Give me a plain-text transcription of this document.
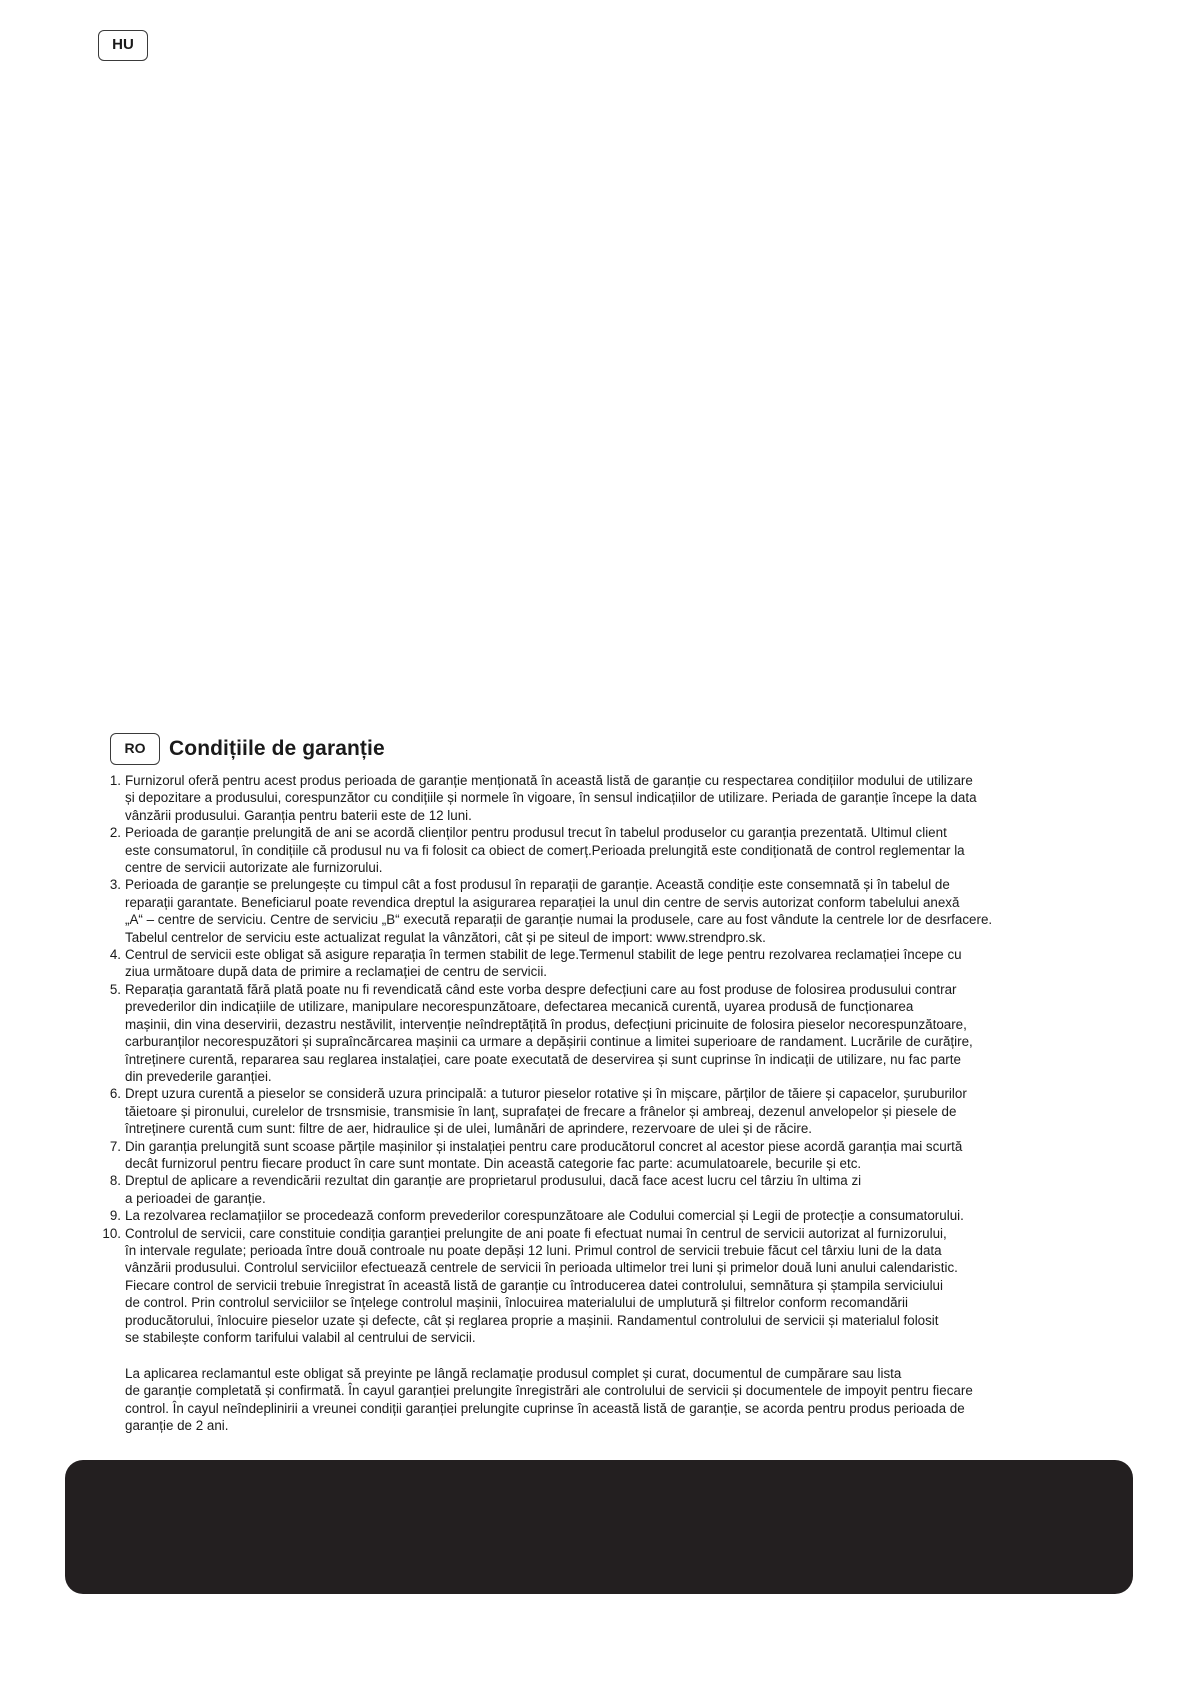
HU
RO	Condițiile de garanție
1. Furnizorul oferă pentru acest produs perioada de garanție menționată în această listă de garanție cu respectarea condițiilor modului de utilizare
și depozitare a produsului, corespunzător cu condițiile și normele în vigoare, în sensul indicațiilor de utilizare. Periada de garanție începe la data
vânzării produsului. Garanția pentru baterii este de 12 luni.
2. Perioada de garanție prelungită de ani se acordă clienților pentru produsul trecut în tabelul produselor cu garanția prezentată. Ultimul client
este consumatorul, în condițiile că produsul nu va fi folosit ca obiect de comerț.Perioada prelungită este condiționată de control reglementar la
centre de servicii autorizate ale furnizorului.
3. Perioada de garanție se prelungește cu timpul cât a fost produsul în reparații de garanție. Această condiție este consemnată și în tabelul de
reparații garantate. Beneficiarul poate revendica dreptul la asigurarea reparației la unul din centre de servis autorizat conform tabelului anexă
„A“ – centre de serviciu. Centre de serviciu „B“ execută reparații de garanție numai la produsele, care au fost vândute la centrele lor de desrfacere.
Tabelul centrelor de serviciu este actualizat regulat la vânzători, cât și pe siteul de import: www.strendpro.sk.
4. Centrul de servicii este obligat să asigure reparația în termen stabilit de lege.Termenul stabilit de lege pentru rezolvarea reclamației începe cu
ziua următoare după data de primire a reclamației de centru de servicii.
5. Reparația garantată fără plată poate nu fi revendicată când este vorba despre defecțiuni care au fost produse de folosirea produsului contrar
prevederilor din indicațiile de utilizare, manipulare necorespunzătoare, defectarea mecanică curentă, uyarea produsă de funcționarea
mașinii, din vina deservirii, dezastru nestăvilit, intervenție neîndreptățită în produs, defecțiuni pricinuite de folosira pieselor necorespunzătoare,
carburanților necorespuzători și supraîncărcarea mașinii ca urmare a depășirii continue a limitei superioare de randament. Lucrările de curățire,
întreținere curentă, repararea sau reglarea instalației, care poate executată de deservirea și sunt cuprinse în indicații de utilizare, nu fac parte
din prevederile garanției.
6. Drept uzura curentă a pieselor se consideră uzura principală: a tuturor pieselor rotative și în mișcare, părților de tăiere și capacelor, șuruburilor
tăietoare și pironului, curelelor de trsnsmisie, transmisie în lanț, suprafaței de frecare a frânelor și ambreaj, dezenul anvelopelor și piesele de
întreținere curentă cum sunt: filtre de aer, hidraulice și de ulei, lumânări de aprindere, rezervoare de ulei și de răcire.
7. Din garanția prelungită sunt scoase părțile mașinilor și instalației pentru care producătorul concret al acestor piese acordă garanția mai scurtă
decât furnizorul pentru fiecare product în care sunt montate. Din această categorie fac parte: acumulatoarele, becurile și etc.
8. Dreptul de aplicare a revendicării rezultat din garanție are proprietarul produsului, dacă face acest lucru cel târziu în ultima zi
a perioadei de garanție.
9. La rezolvarea reclamațiilor se procedează conform prevederilor corespunzătoare ale Codului comercial și Legii de protecție a consumatorului.
10. Controlul de servicii, care constituie condiția garanției prelungite de ani poate fi efectuat numai în centrul de servicii autorizat al furnizorului,
în intervale regulate; perioada între două controale nu poate depăși 12 luni. Primul control de servicii trebuie făcut cel târxiu luni de la data
vânzării produsului. Controlul serviciilor efectuează centrele de servicii în perioada ultimelor trei luni și primelor două luni anului calendaristic.
Fiecare control de servicii trebuie înregistrat în această listă de garanție cu întroducerea datei controlului, semnătura și ștampila serviciului
de control. Prin controlul serviciilor se înțelege controlul mașinii, înlocuirea materialului de umplutură și filtrelor conform recomandării
producătorului, înlocuire pieselor uzate și defecte, cât și reglarea proprie a mașinii. Randamentul controlului de servicii și materialul folosit
se stabilește conform tarifului valabil al centrului de servicii.
La aplicarea reclamantul este obligat să preyinte pe lângă reclamație produsul complet și curat, documentul de cumpărare sau lista
de garanție completată și confirmată. În cayul garanției prelungite înregistrări ale controlului de servicii și documentele de impoyit pentru fiecare
control. În cayul neîndeplinirii a vreunei condiții garanției prelungite cuprinse în această listă de garanție, se acorda pentru produs perioada de
garanție de 2 ani.
